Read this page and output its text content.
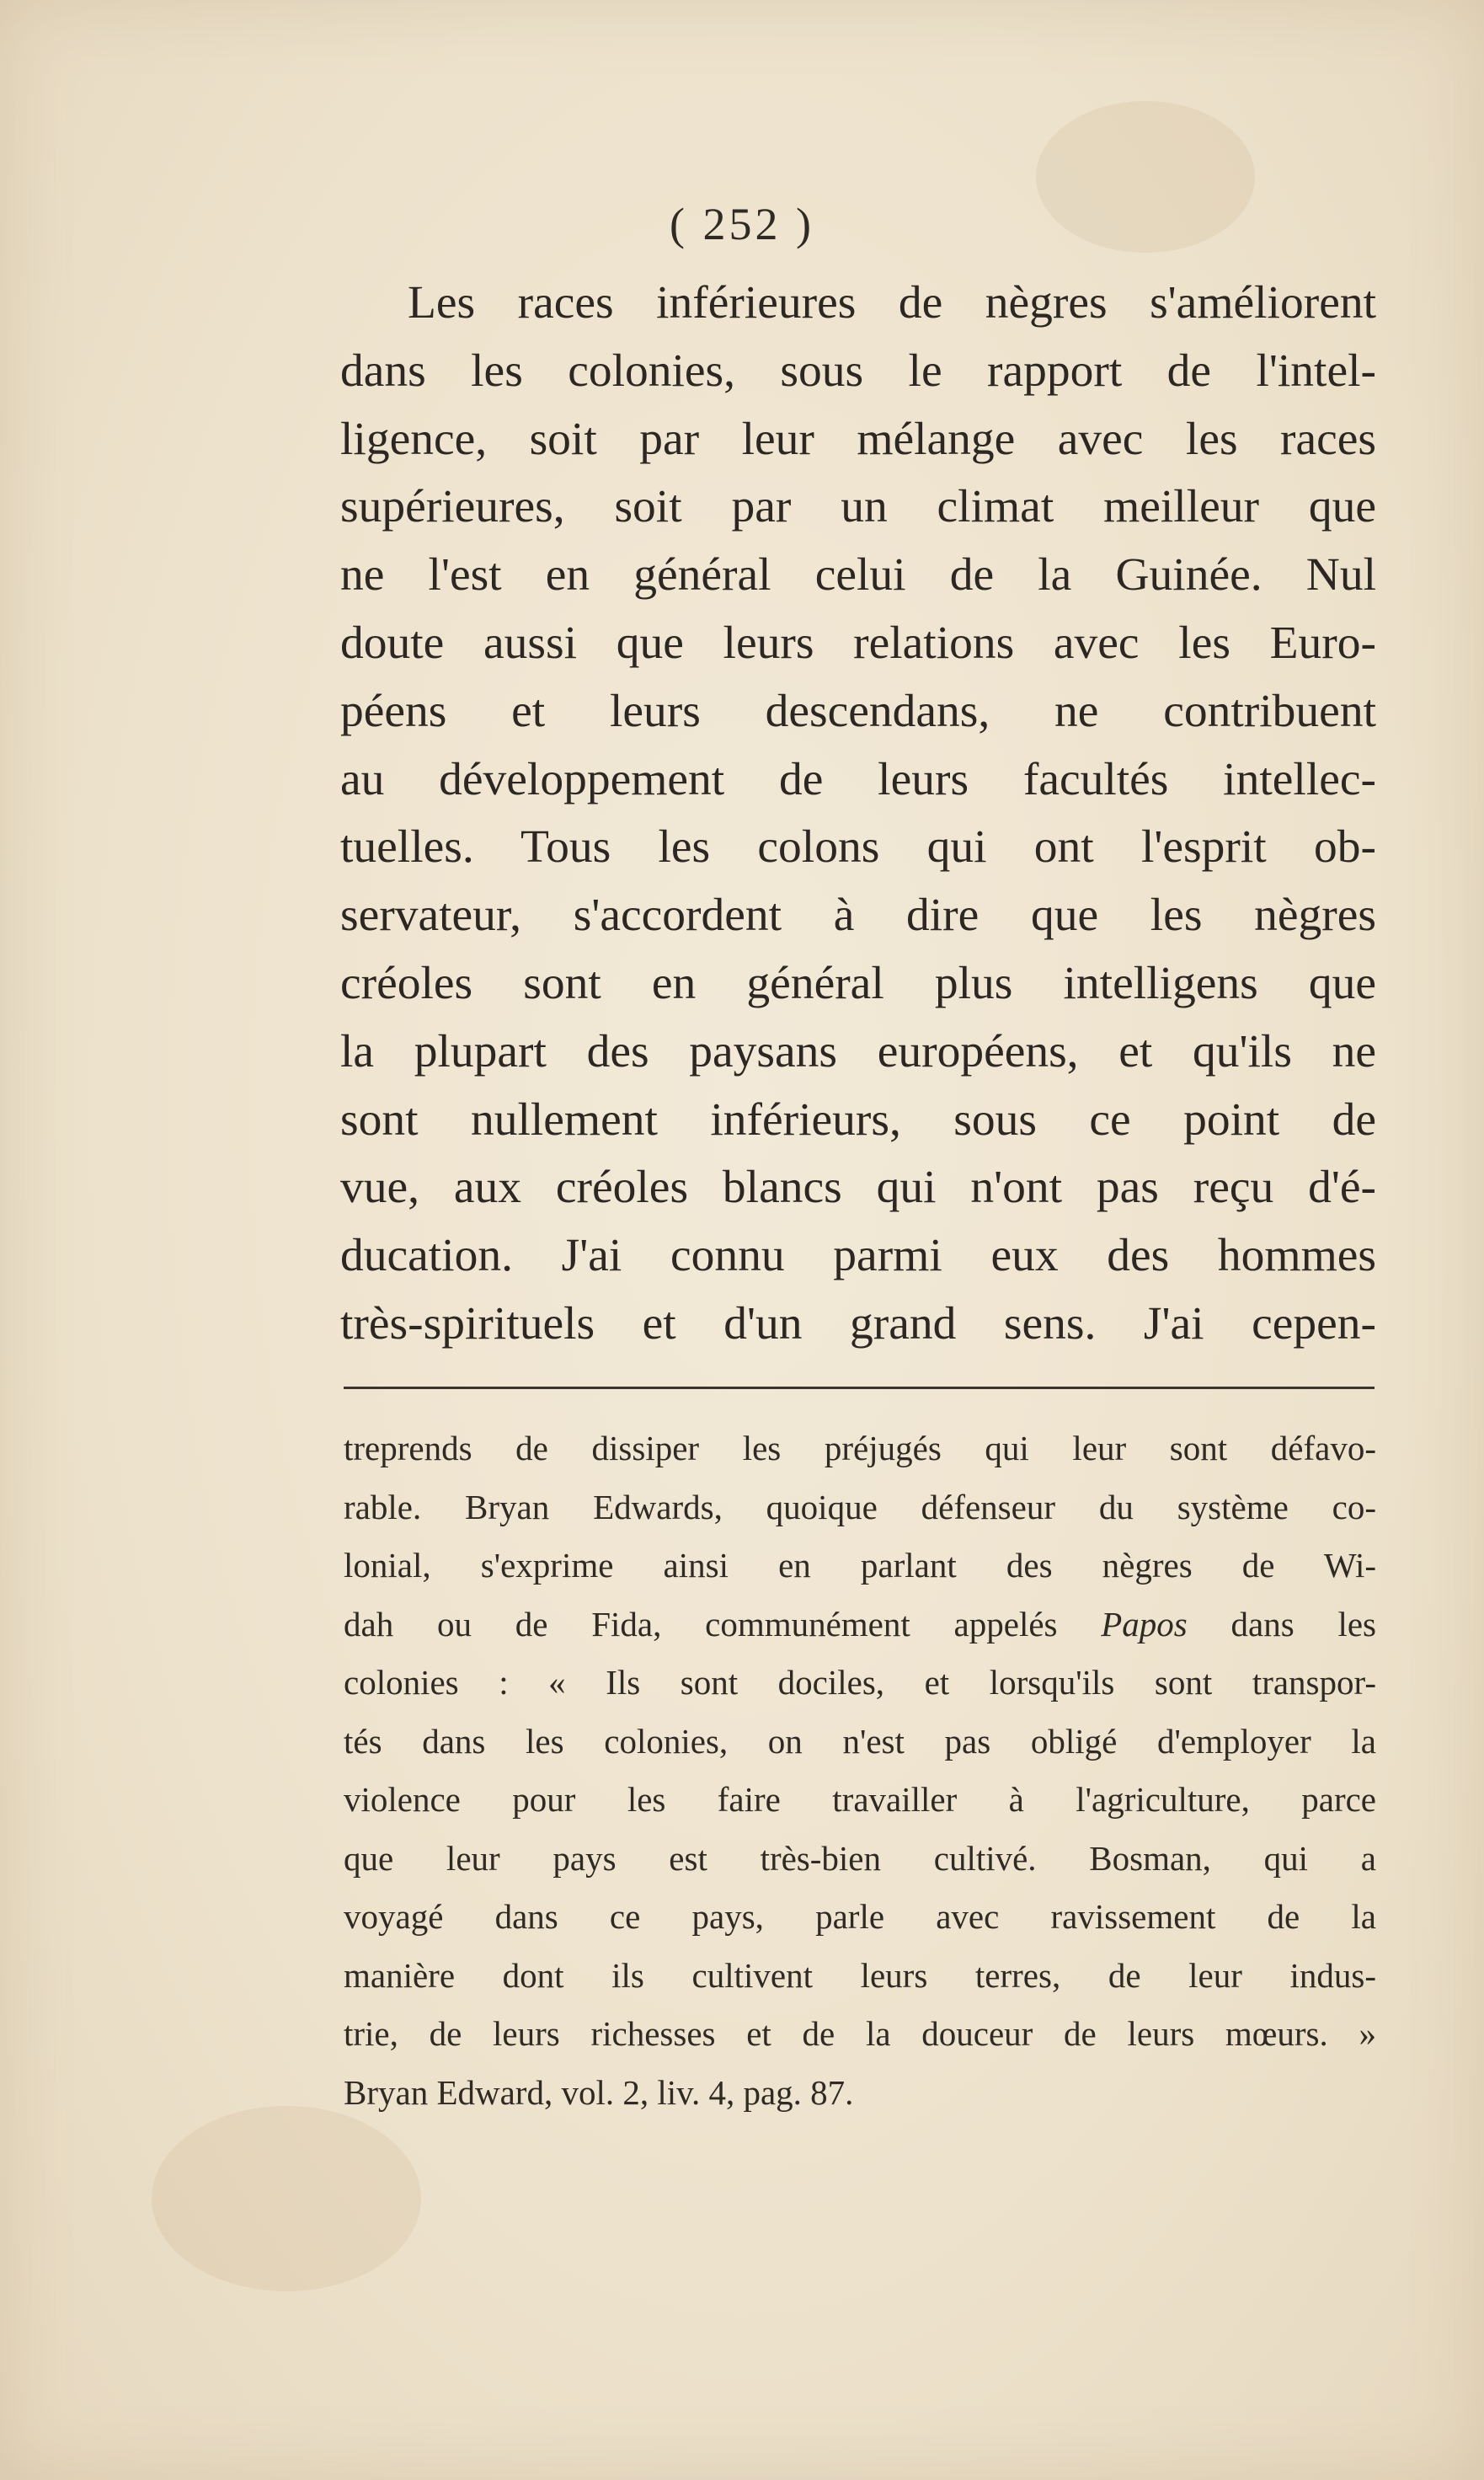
( 252 )
Les races inférieures de nègres s'améliorent
dans les colonies, sous le rapport de l'intel-
ligence, soit par leur mélange avec les races
supérieures, soit par un climat meilleur que
ne l'est en général celui de la Guinée. Nul
doute aussi que leurs relations avec les Euro-
péens et leurs descendans, ne contribuent
au développement de leurs facultés intellec-
tuelles. Tous les colons qui ont l'esprit ob-
servateur, s'accordent à dire que les nègres
créoles sont en général plus intelligens que
la plupart des paysans européens, et qu'ils ne
sont nullement inférieurs, sous ce point de
vue, aux créoles blancs qui n'ont pas reçu d'é-
ducation. J'ai connu parmi eux des hommes
très-spirituels et d'un grand sens. J'ai cepen-
treprends de dissiper les préjugés qui leur sont défavo-
rable. Bryan Edwards, quoique défenseur du système co-
lonial, s'exprime ainsi en parlant des nègres de Wi-
dah ou de Fida, communément appelés Papos dans les
colonies : « Ils sont dociles, et lorsqu'ils sont transpor-
tés dans les colonies, on n'est pas obligé d'employer la
violence pour les faire travailler à l'agriculture, parce
que leur pays est très-bien cultivé. Bosman, qui a
voyagé dans ce pays, parle avec ravissement de la
manière dont ils cultivent leurs terres, de leur indus-
trie, de leurs richesses et de la douceur de leurs mœurs. »
Bryan Edward, vol. 2, liv. 4, pag. 87.
